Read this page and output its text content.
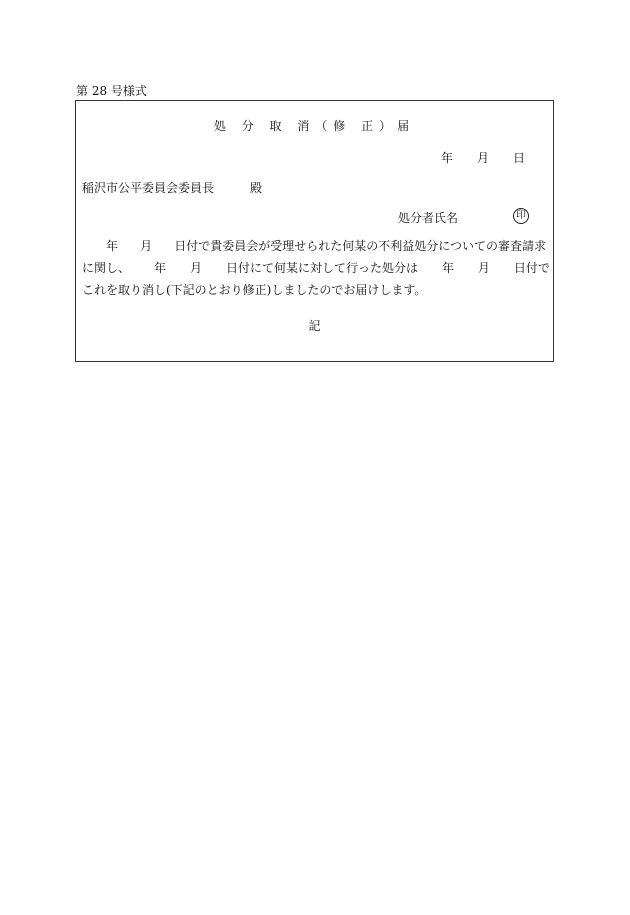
第 28 号様式
処 分 取 消（修 正）届
年 月 日
稲沢市公平委員会委員長	殿
処分者氏名	印
年 月 日付で貴委員会が受理せられた何某の不利益処分についての審査請求
に関し、 年 月 日付にて何某に対して行った処分は 年 月 日付で
これを取り消し(下記のとおり修正)しましたのでお届けします。
記
